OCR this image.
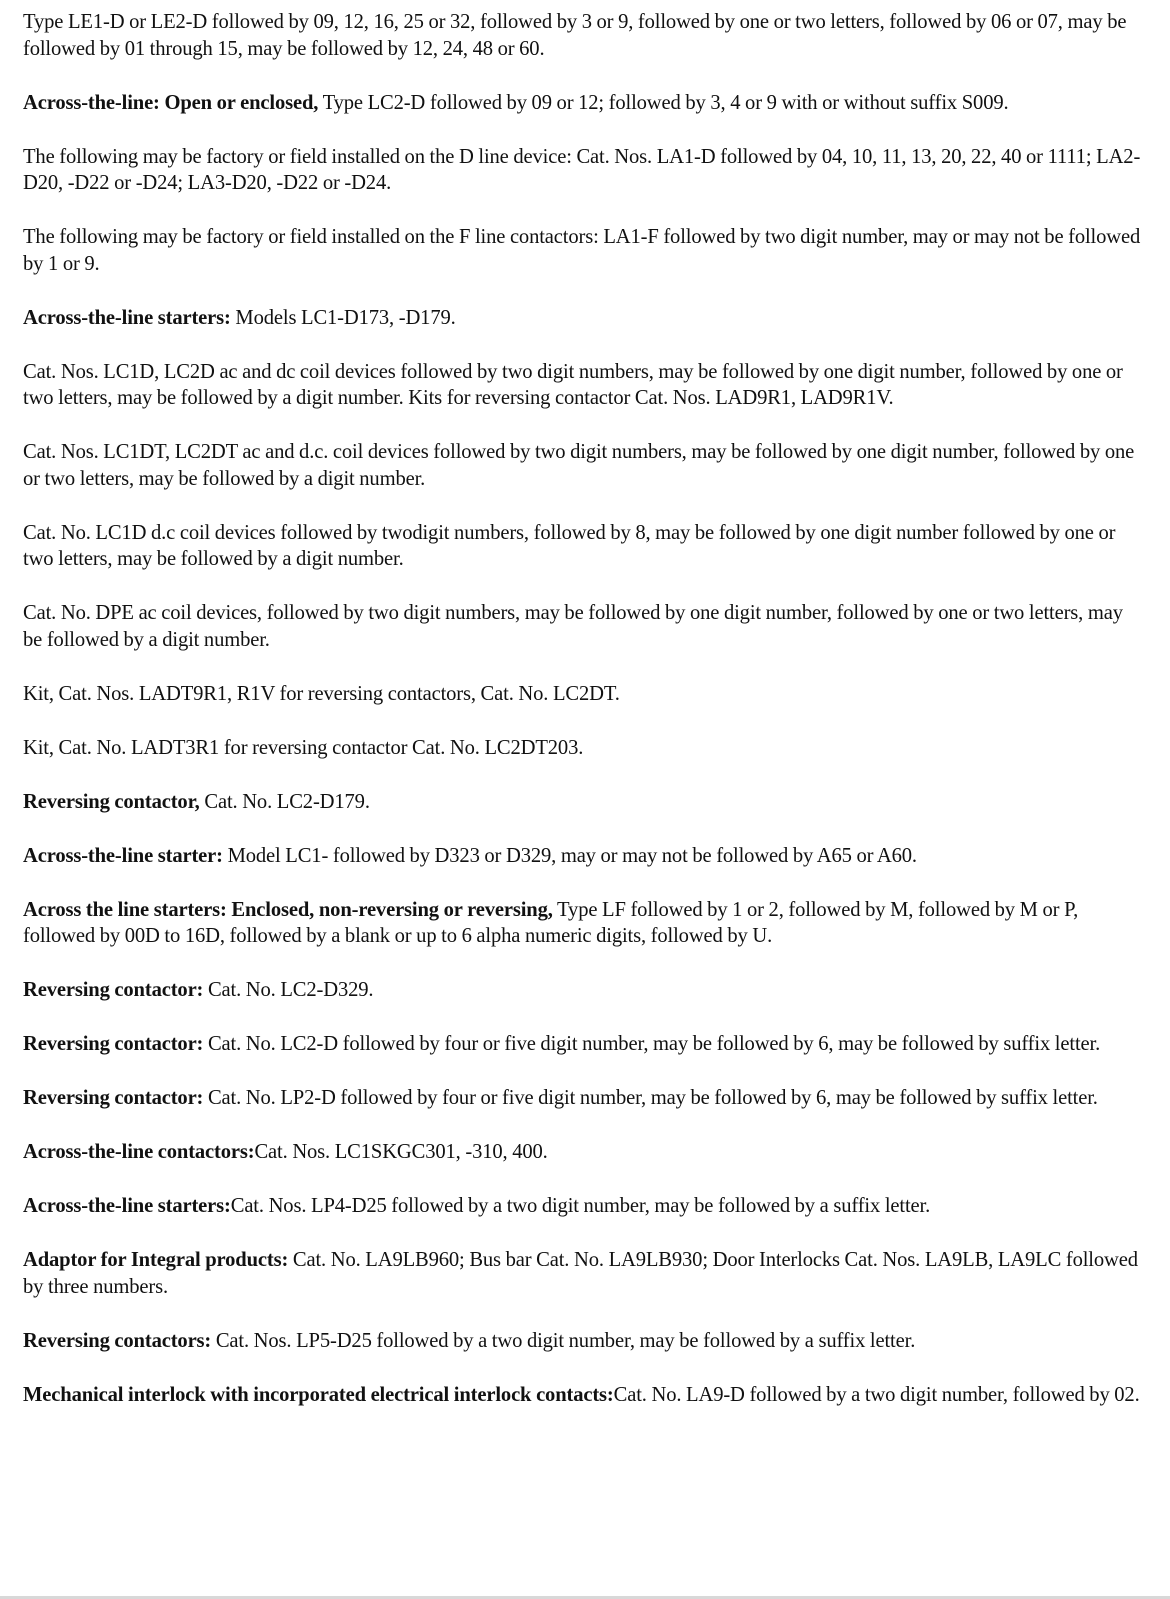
Type LE1-D or LE2-D followed by 09, 12, 16, 25 or 32, followed by 3 or 9, followed by one or two letters, followed by 06 or 07, may be followed by 01 through 15, may be followed by 12, 24, 48 or 60.

Across-the-line: Open or enclosed, Type LC2-D followed by 09 or 12; followed by 3, 4 or 9 with or without suffix S009.

The following may be factory or field installed on the D line device: Cat. Nos. LA1-D followed by 04, 10, 11, 13, 20, 22, 40 or 1111; LA2-D20, -D22 or -D24; LA3-D20, -D22 or -D24.

The following may be factory or field installed on the F line contactors: LA1-F followed by two digit number, may or may not be followed by 1 or 9.

Across-the-line starters: Models LC1-D173, -D179.

Cat. Nos. LC1D, LC2D ac and dc coil devices followed by two digit numbers, may be followed by one digit number, followed by one or two letters, may be followed by a digit number. Kits for reversing contactor Cat. Nos. LAD9R1, LAD9R1V.

Cat. Nos. LC1DT, LC2DT ac and d.c. coil devices followed by two digit numbers, may be followed by one digit number, followed by one or two letters, may be followed by a digit number.

Cat. No. LC1D d.c coil devices followed by twodigit numbers, followed by 8, may be followed by one digit number followed by one or two letters, may be followed by a digit number.

Cat. No. DPE ac coil devices, followed by two digit numbers, may be followed by one digit number, followed by one or two letters, may be followed by a digit number.

Kit, Cat. Nos. LADT9R1, R1V for reversing contactors, Cat. No. LC2DT.

Kit, Cat. No. LADT3R1 for reversing contactor Cat. No. LC2DT203.

Reversing contactor, Cat. No. LC2-D179.

Across-the-line starter: Model LC1- followed by D323 or D329, may or may not be followed by A65 or A60.

Across the line starters: Enclosed, non-reversing or reversing, Type LF followed by 1 or 2, followed by M, followed by M or P, followed by 00D to 16D, followed by a blank or up to 6 alpha numeric digits, followed by U.

Reversing contactor: Cat. No. LC2-D329.

Reversing contactor: Cat. No. LC2-D followed by four or five digit number, may be followed by 6, may be followed by suffix letter.

Reversing contactor: Cat. No. LP2-D followed by four or five digit number, may be followed by 6, may be followed by suffix letter.

Across-the-line contactors:Cat. Nos. LC1SKGC301, -310, 400.

Across-the-line starters:Cat. Nos. LP4-D25 followed by a two digit number, may be followed by a suffix letter.

Adaptor for Integral products: Cat. No. LA9LB960; Bus bar Cat. No. LA9LB930; Door Interlocks Cat. Nos. LA9LB, LA9LC followed by three numbers.

Reversing contactors: Cat. Nos. LP5-D25 followed by a two digit number, may be followed by a suffix letter.

Mechanical interlock with incorporated electrical interlock contacts:Cat. No. LA9-D followed by a two digit number, followed by 02.
